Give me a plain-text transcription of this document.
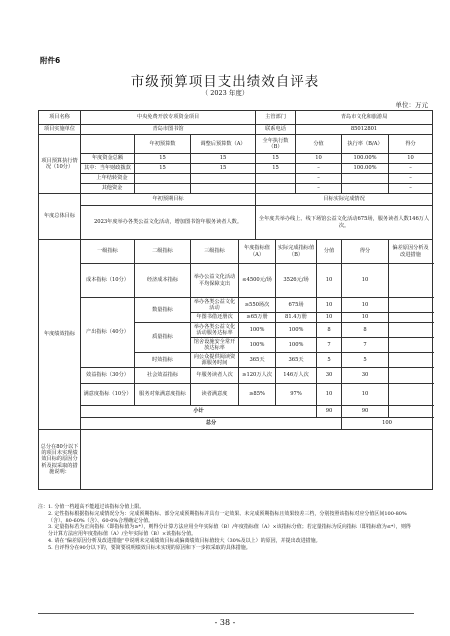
附件6
市级预算项目支出绩效自评表
（ 2023 年度）
单位：万元
项目名称	中央免费开放专项资金项目				主管部门		青岛市文化和旅游局			
项目实施单位	青岛市图书馆				联系电话		85012801			
项目预算执行情况（10分）		年初预算数	调整后预算数（A）		全年执行数（B）		分值		执行率（B/A）	得分
	年度资金总额	15	15		15		10		100.00%	10
	其中：当年财政拨款	15	15		15		–		100.00%	–
	上年结转资金						–			–
	其他资金						–			–
年度总体目标	年初预期目标				目标实际完成情况					
	2023年度举办各类公益文化活动，增加图书馆年服务读者人数。				全年度共举办线上、线下场馆公益文化活动675场，服务读者人数146万人次。					
年度绩效指标	一级指标	二级指标	三级指标	年度指标值（A）		实际完成指标值（B）		分值	得分	偏差原因分析及改进措施
	成本指标（10分）	经济成本指标	举办公益文化活动平均保障支出	≤4500元/场		3526元/场		10	10	
	产出指标（40分）	数量指标	举办各类公益文化活动	≥550场次		675场		10	10	
			年图书借还册次	≥65万册		81.4万册		10	10	
		质量指标	举办各类公益文化活动服务达标率	100%		100%		8	8	
			馆舍设施安全常开放达标率	100%		100%		7	7	
		时效指标	向公众提供阅读资源服务时间	365天		365天		5	5	
	效益指标（30分）	社会效益指标	年服务读者人次	≥120万人次		146万人次		30	30	
	满意度指标（10分）	服务对象满意度指标	读者满意度	≥85%		97%		10	10	
	小计							90	90	
	总分								100	
总分在80分以下的项目未实现绩效目标的原因分析及拟采取的措施说明：										

注：1. 分值一档超高不能超过该指标分值上限。

2. 定性指标根据指标完成情况分为：完成预期指标、部分完成预期指标并具有一定效果、未完成预期指标且效果较差三档，分别按照该指标对应分值区间100-80%（含）、80-60%（含）、60-0%合理确定分值。

3. 定量指标若为正向指标（即指标值为≥*），则得分计算方法应用全年实际值（B）/年度指标值（A）×该指标分值；若定量指标为反向指标（即指标值为≤*），则得分计算方法应用年度指标值（A）/全年实际值（B）×该指标分值。

4. 请在“偏差原因分析及改进措施”中说明未完成绩效目标或偏离绩效目标值较大（30%及以上）的原因，并提出改进措施。

5. 自评得分在90分以下的，要简要说明绩效目标未实现的原因和下一步拟采取的具体措施。

- 38 -
